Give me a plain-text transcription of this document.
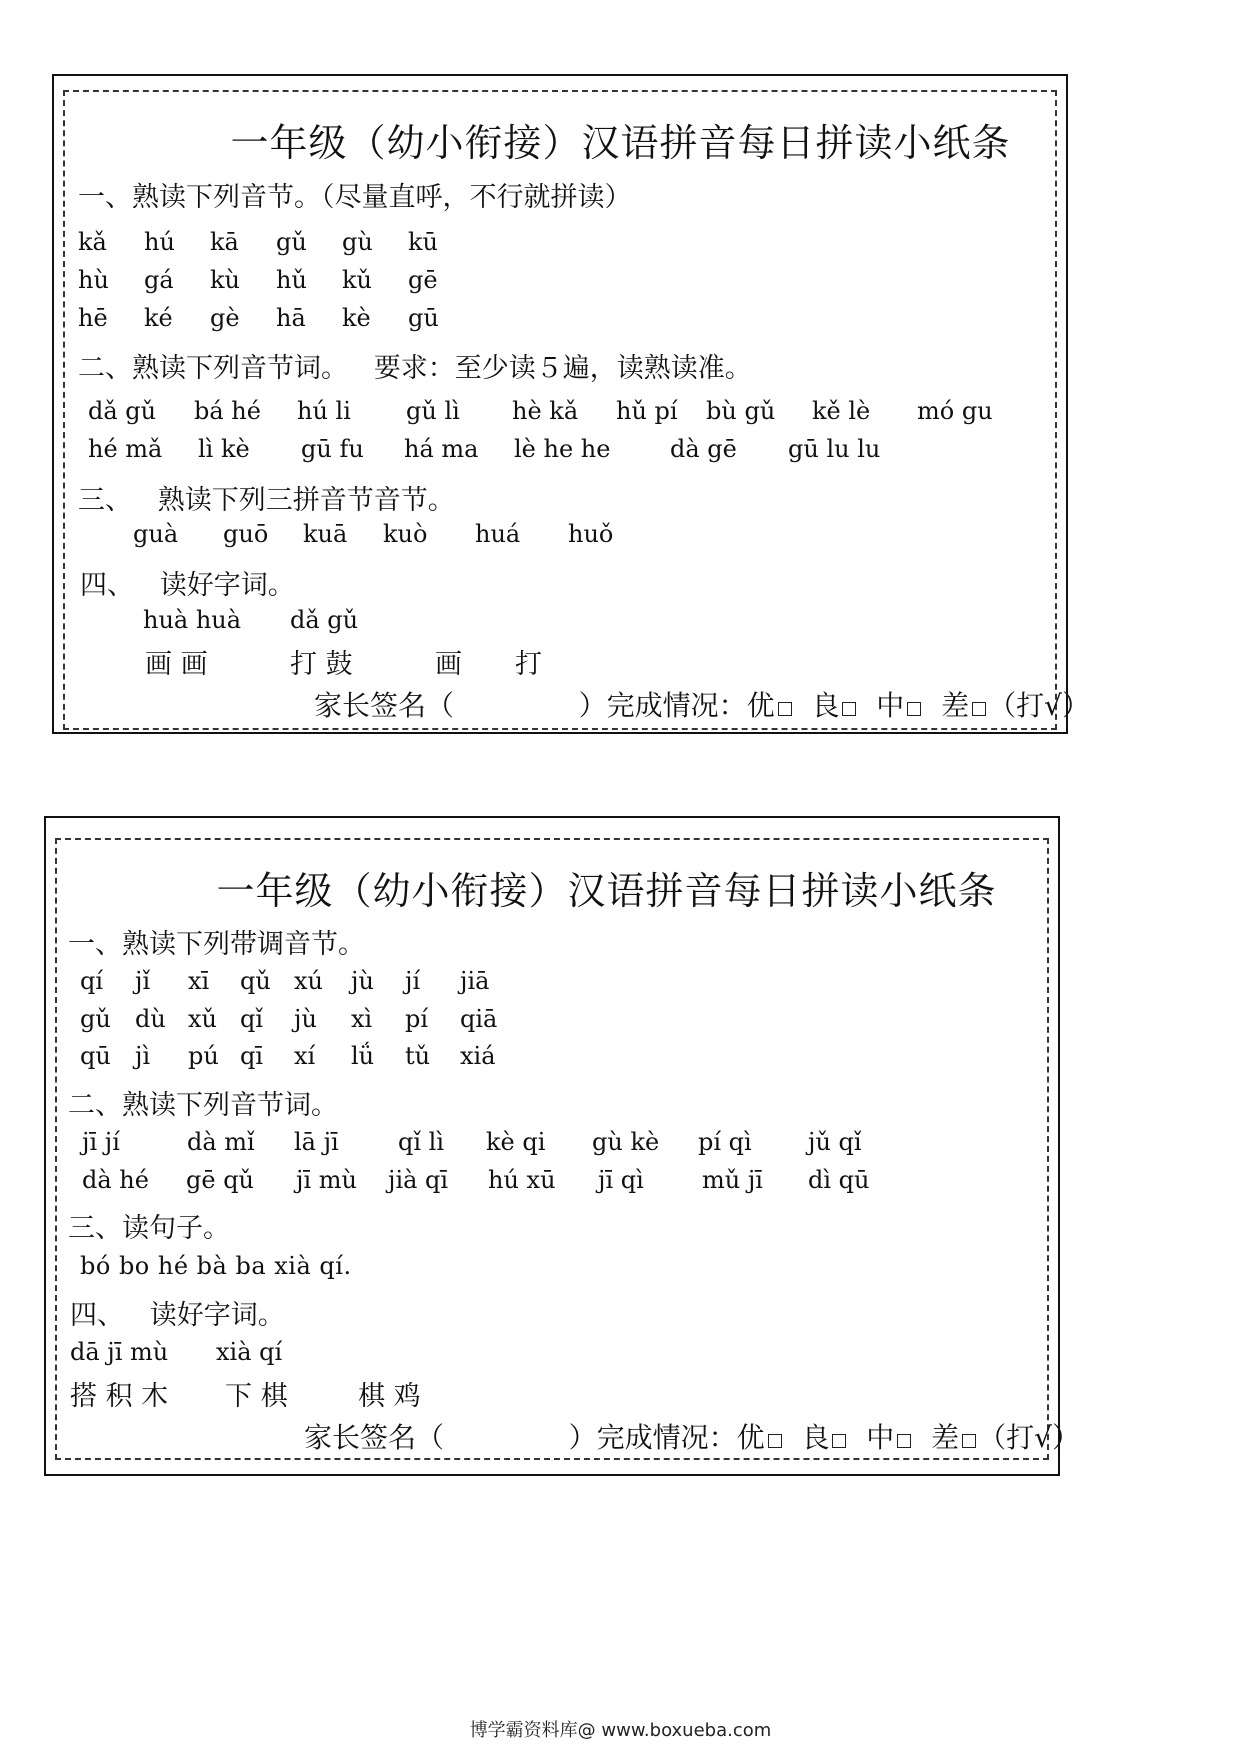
一年级（幼小衔接）汉语拼音每日拼读小纸条
一、熟读下列音节。（尽量直呼，不行就拼读）
kǎ hú kā gǔ gù kū
hù gá kù hǔ kǔ gē
hē ké gè hā kè gū
二、熟读下列音节词。   要求：至少读５遍，读熟读准。
dǎ gǔ bá hé hú li gǔ lì hè kǎ hǔ pí bù gǔ kě lè mó gu
hé mǎ lì kè gū fu há ma lè he he dà gē gū lu lu
三、   熟读下列三拼音节音节。
guà guō kuā kuò huá huǒ
四、   读好字词。
huà huà dǎ gǔ
画 画	打 鼓	画 打
家长签名（              ）完成情况：优 良 中 差 （打√）
一年级（幼小衔接）汉语拼音每日拼读小纸条
一、熟读下列带调音节。
qí jǐ xī qǔ xú jù jí jiā
gǔ dù xǔ qǐ jù xì pí qiā
qū jì pú qī xí lǘ tǔ xiá
二、熟读下列音节词。
jī jí	dà mǐ lā jī qǐ lì kè qi gù kè pí qì jǔ qǐ
dà hé gē qǔ jī mù jià qī hú xū jī qì mǔ jī dì qū
三、读句子。
bó bo hé bà ba xià qí.
四、   读好字词。
dā jī mù xià qí
搭 积 木 下 棋	棋 鸡
家长签名（              ）完成情况：优 良 中 差 （打√）
博学霸资料库@ www.boxueba.com
